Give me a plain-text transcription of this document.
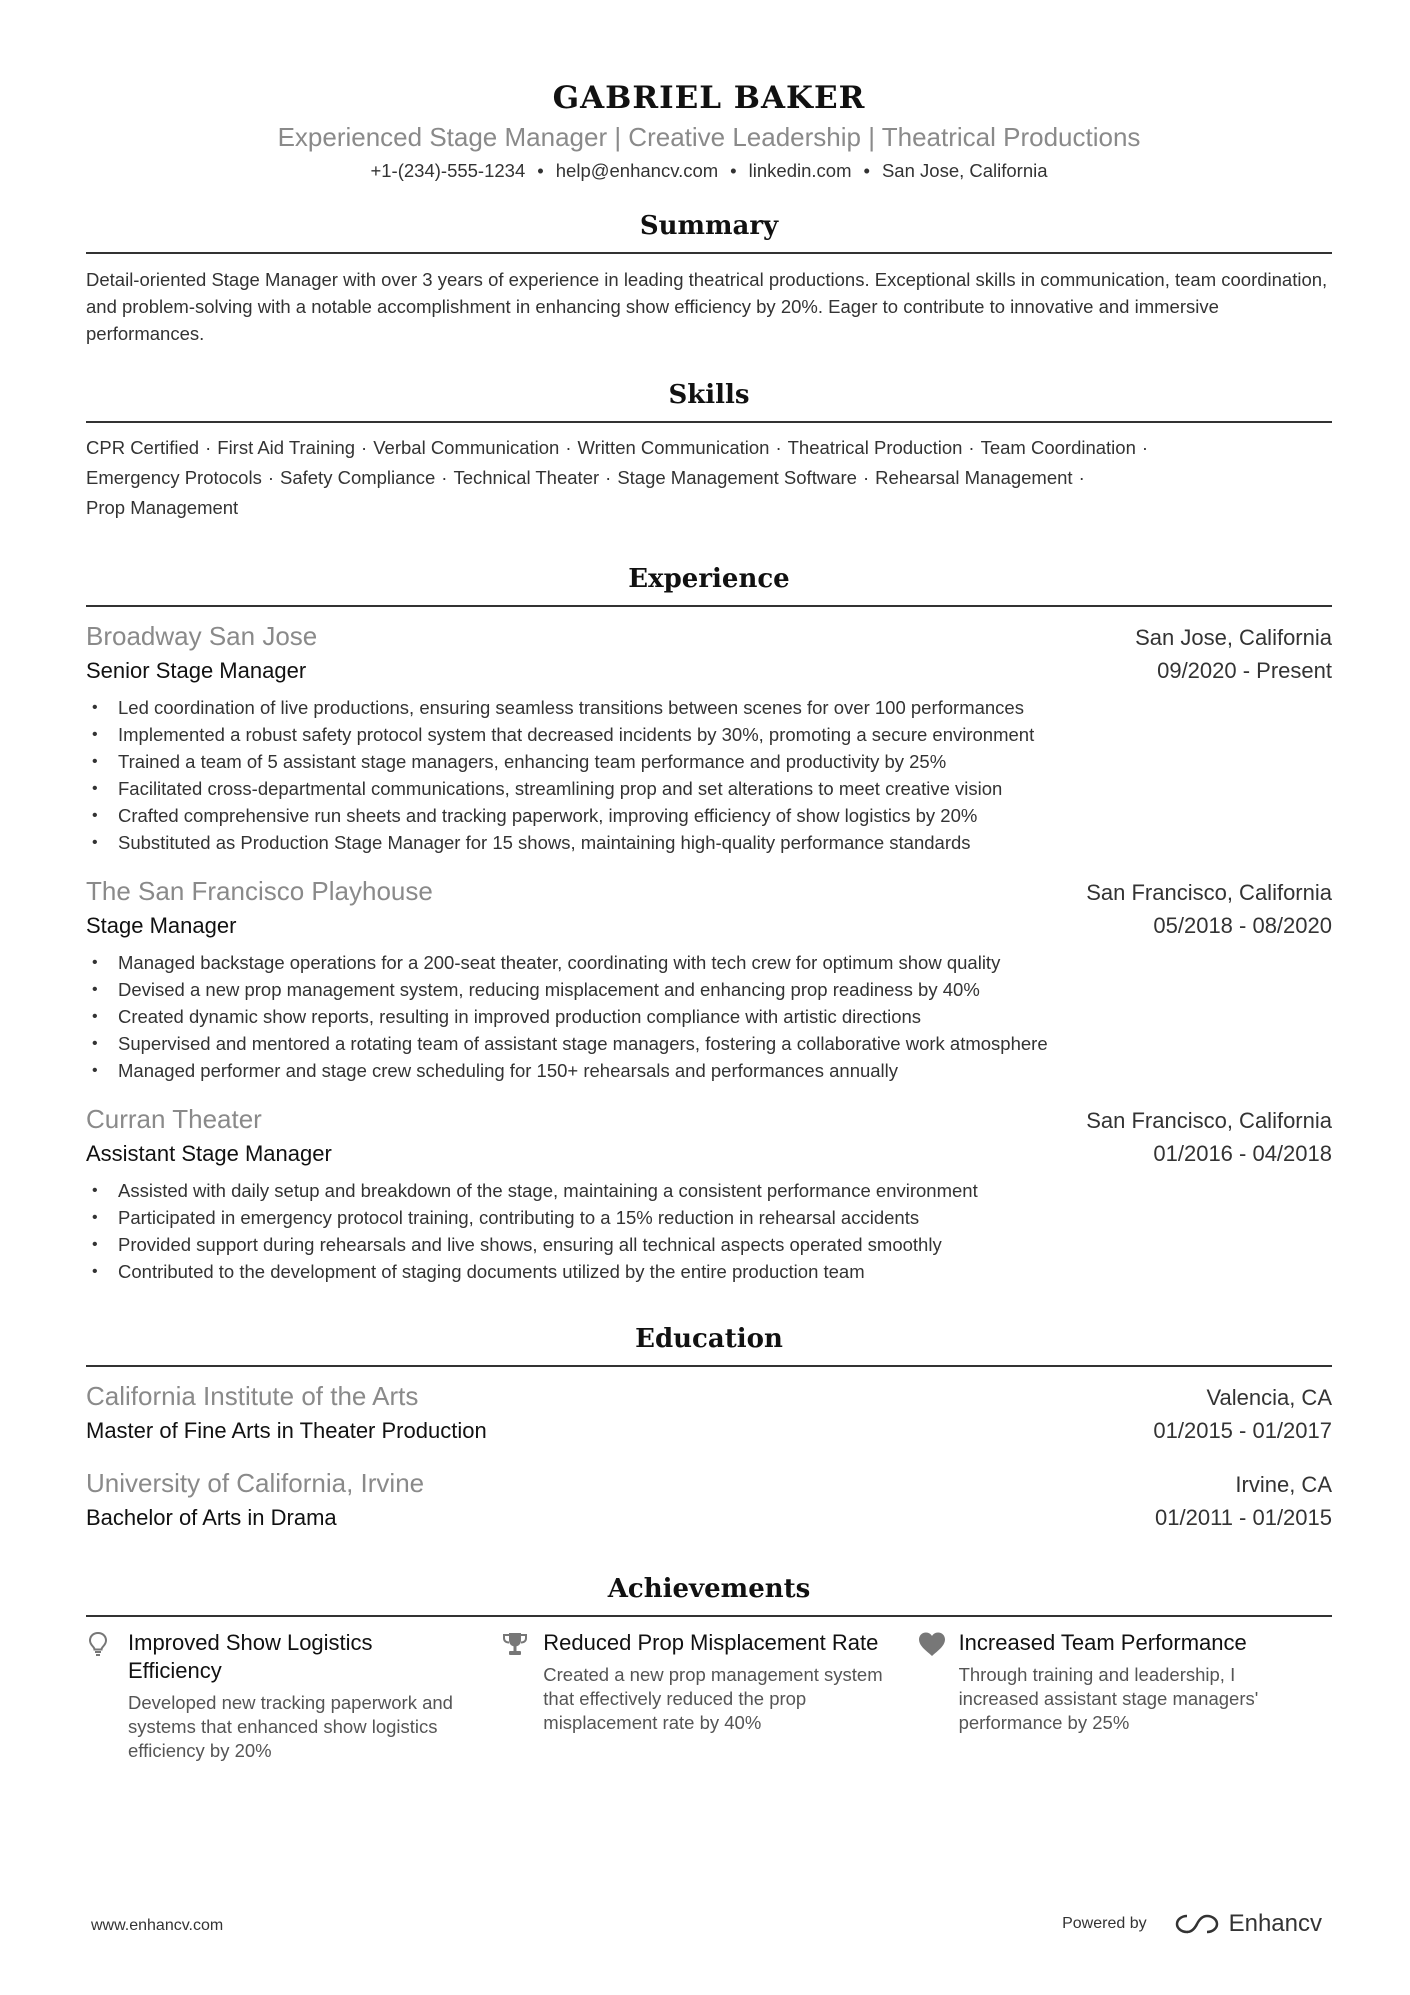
GABRIEL BAKER
Experienced Stage Manager | Creative Leadership | Theatrical Productions
+1-(234)-555-1234 • help@enhancv.com • linkedin.com • San Jose, California
Summary
Detail-oriented Stage Manager with over 3 years of experience in leading theatrical productions. Exceptional skills in communication, team coordination, and problem-solving with a notable accomplishment in enhancing show efficiency by 20%. Eager to contribute to innovative and immersive performances.
Skills
CPR Certified · First Aid Training · Verbal Communication · Written Communication · Theatrical Production · Team Coordination ·
Emergency Protocols · Safety Compliance · Technical Theater · Stage Management Software · Rehearsal Management ·
Prop Management
Experience
Broadway San Jose	San Jose, California
Senior Stage Manager	09/2020 - Present
• Led coordination of live productions, ensuring seamless transitions between scenes for over 100 performances
• Implemented a robust safety protocol system that decreased incidents by 30%, promoting a secure environment
• Trained a team of 5 assistant stage managers, enhancing team performance and productivity by 25%
• Facilitated cross-departmental communications, streamlining prop and set alterations to meet creative vision
• Crafted comprehensive run sheets and tracking paperwork, improving efficiency of show logistics by 20%
• Substituted as Production Stage Manager for 15 shows, maintaining high-quality performance standards
The San Francisco Playhouse	San Francisco, California
Stage Manager	05/2018 - 08/2020
• Managed backstage operations for a 200-seat theater, coordinating with tech crew for optimum show quality
• Devised a new prop management system, reducing misplacement and enhancing prop readiness by 40%
• Created dynamic show reports, resulting in improved production compliance with artistic directions
• Supervised and mentored a rotating team of assistant stage managers, fostering a collaborative work atmosphere
• Managed performer and stage crew scheduling for 150+ rehearsals and performances annually
Curran Theater	San Francisco, California
Assistant Stage Manager	01/2016 - 04/2018
• Assisted with daily setup and breakdown of the stage, maintaining a consistent performance environment
• Participated in emergency protocol training, contributing to a 15% reduction in rehearsal accidents
• Provided support during rehearsals and live shows, ensuring all technical aspects operated smoothly
• Contributed to the development of staging documents utilized by the entire production team
Education
California Institute of the Arts	Valencia, CA
Master of Fine Arts in Theater Production	01/2015 - 01/2017
University of California, Irvine	Irvine, CA
Bachelor of Arts in Drama	01/2011 - 01/2015
Achievements
Improved Show Logistics Efficiency
Developed new tracking paperwork and systems that enhanced show logistics efficiency by 20%
Reduced Prop Misplacement Rate
Created a new prop management system that effectively reduced the prop misplacement rate by 40%
Increased Team Performance
Through training and leadership, I increased assistant stage managers' performance by 25%
www.enhancv.com	Powered by	Enhancv
